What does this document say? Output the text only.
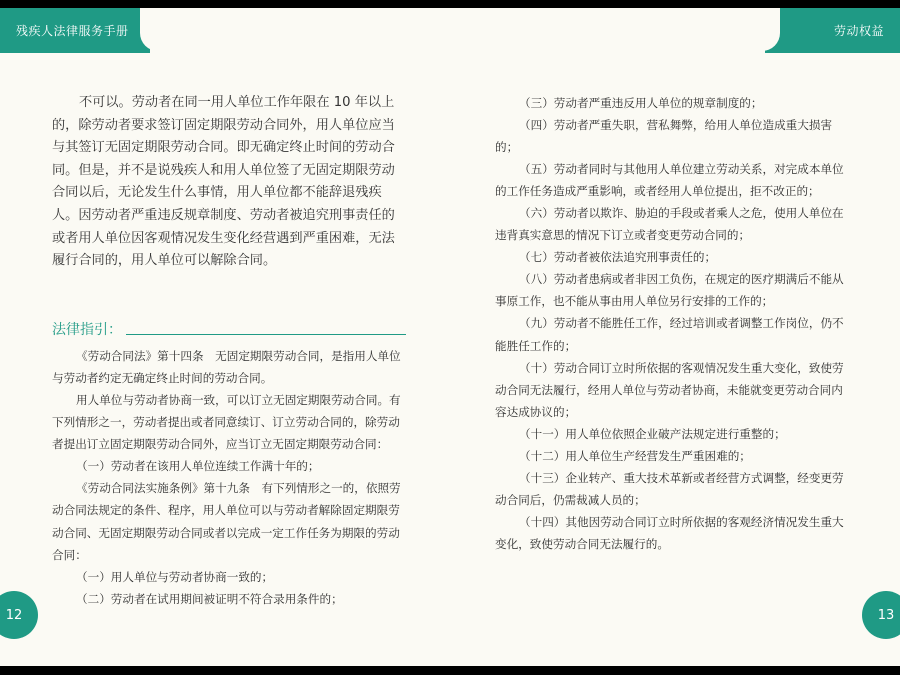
残疾人法律服务手册	劳动权益

不可以。劳动者在同一用人单位工作年限在 10 年以上的，除劳动者要求签订固定期限劳动合同外，用人单位应当与其签订无固定期限劳动合同。即无确定终止时间的劳动合同。但是，并不是说残疾人和用人单位签了无固定期限劳动合同以后，无论发生什么事情，用人单位都不能辞退残疾人。因劳动者严重违反规章制度、劳动者被追究刑事责任的或者用人单位因客观情况发生变化经营遇到严重困难，无法履行合同的，用人单位可以解除合同。

法律指引：

《劳动合同法》第十四条　无固定期限劳动合同，是指用人单位与劳动者约定无确定终止时间的劳动合同。

用人单位与劳动者协商一致，可以订立无固定期限劳动合同。有下列情形之一，劳动者提出或者同意续订、订立劳动合同的，除劳动者提出订立固定期限劳动合同外，应当订立无固定期限劳动合同：

（一）劳动者在该用人单位连续工作满十年的；

《劳动合同法实施条例》第十九条　有下列情形之一的，依照劳动合同法规定的条件、程序，用人单位可以与劳动者解除固定期限劳动合同、无固定期限劳动合同或者以完成一定工作任务为期限的劳动合同：

（一）用人单位与劳动者协商一致的；

（二）劳动者在试用期间被证明不符合录用条件的；

（三）劳动者严重违反用人单位的规章制度的；

（四）劳动者严重失职，营私舞弊，给用人单位造成重大损害的；

（五）劳动者同时与其他用人单位建立劳动关系，对完成本单位的工作任务造成严重影响，或者经用人单位提出，拒不改正的；

（六）劳动者以欺诈、胁迫的手段或者乘人之危，使用人单位在违背真实意思的情况下订立或者变更劳动合同的；

（七）劳动者被依法追究刑事责任的；

（八）劳动者患病或者非因工负伤，在规定的医疗期满后不能从事原工作，也不能从事由用人单位另行安排的工作的；

（九）劳动者不能胜任工作，经过培训或者调整工作岗位，仍不能胜任工作的；

（十）劳动合同订立时所依据的客观情况发生重大变化，致使劳动合同无法履行，经用人单位与劳动者协商，未能就变更劳动合同内容达成协议的；

（十一）用人单位依照企业破产法规定进行重整的；

（十二）用人单位生产经营发生严重困难的；

（十三）企业转产、重大技术革新或者经营方式调整，经变更劳动合同后，仍需裁减人员的；

（十四）其他因劳动合同订立时所依据的客观经济情况发生重大变化，致使劳动合同无法履行的。

12	13
